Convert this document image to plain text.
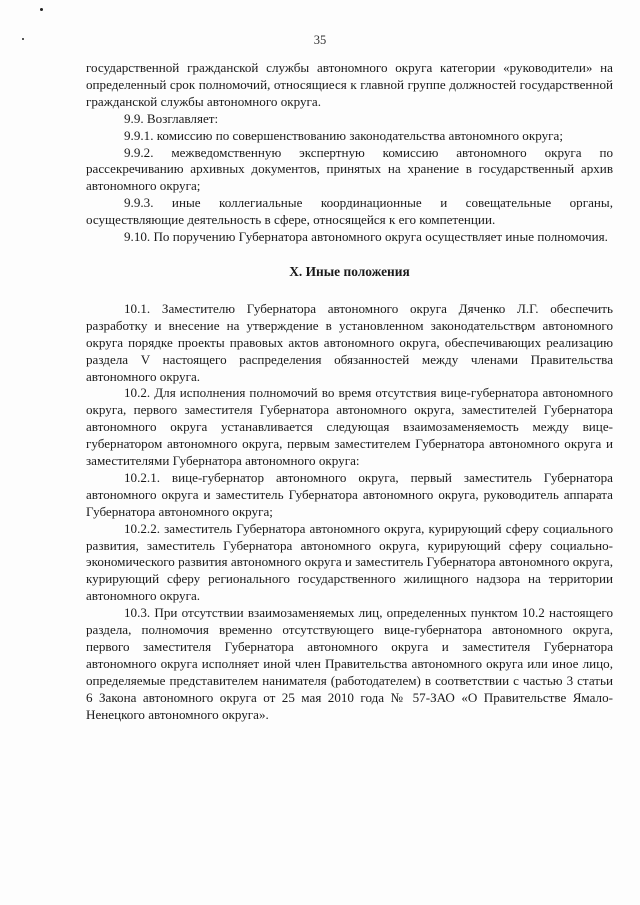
35

государственной гражданской службы автономного округа категории «руководители» на определенный срок полномочий, относящиеся к главной группе должностей государственной гражданской службы автономного округа.

9.9. Возглавляет:

9.9.1. комиссию по совершенствованию законодательства автономного округа;

9.9.2. межведомственную экспертную комиссию автономного округа по рассекречиванию архивных документов, принятых на хранение в государственный архив автономного округа;

9.9.3. иные коллегиальные координационные и совещательные органы, осуществляющие деятельность в сфере, относящейся к его компетенции.

9.10. По поручению Губернатора автономного округа осуществляет иные полномочия.

X. Иные положения

10.1. Заместителю Губернатора автономного округа Дяченко Л.Г. обеспечить разработку и внесение на утверждение в установленном законодательством автономного округа порядке проекты правовых актов автономного округа, обеспечивающих реализацию раздела V настоящего распределения обязанностей между членами Правительства автономного округа.

10.2. Для исполнения полномочий во время отсутствия вице-губернатора автономного округа, первого заместителя Губернатора автономного округа, заместителей Губернатора автономного округа устанавливается следующая взаимозаменяемость между вице-губернатором автономного округа, первым заместителем Губернатора автономного округа и заместителями Губернатора автономного округа:

10.2.1. вице-губернатор автономного округа, первый заместитель Губернатора автономного округа и заместитель Губернатора автономного округа, руководитель аппарата Губернатора автономного округа;

10.2.2. заместитель Губернатора автономного округа, курирующий сферу социального развития, заместитель Губернатора автономного округа, курирующий сферу социально-экономического развития автономного округа и заместитель Губернатора автономного округа, курирующий сферу регионального государственного жилищного надзора на территории автономного округа.

10.3. При отсутствии взаимозаменяемых лиц, определенных пунктом 10.2 настоящего раздела, полномочия временно отсутствующего вице-губернатора автономного округа, первого заместителя Губернатора автономного округа и заместителя Губернатора автономного округа исполняет иной член Правительства автономного округа или иное лицо, определяемые представителем нанимателя (работодателем) в соответствии с частью 3 статьи 6 Закона автономного округа от 25 мая 2010 года № 57-ЗАО «О Правительстве Ямало-Ненецкого автономного округа».
